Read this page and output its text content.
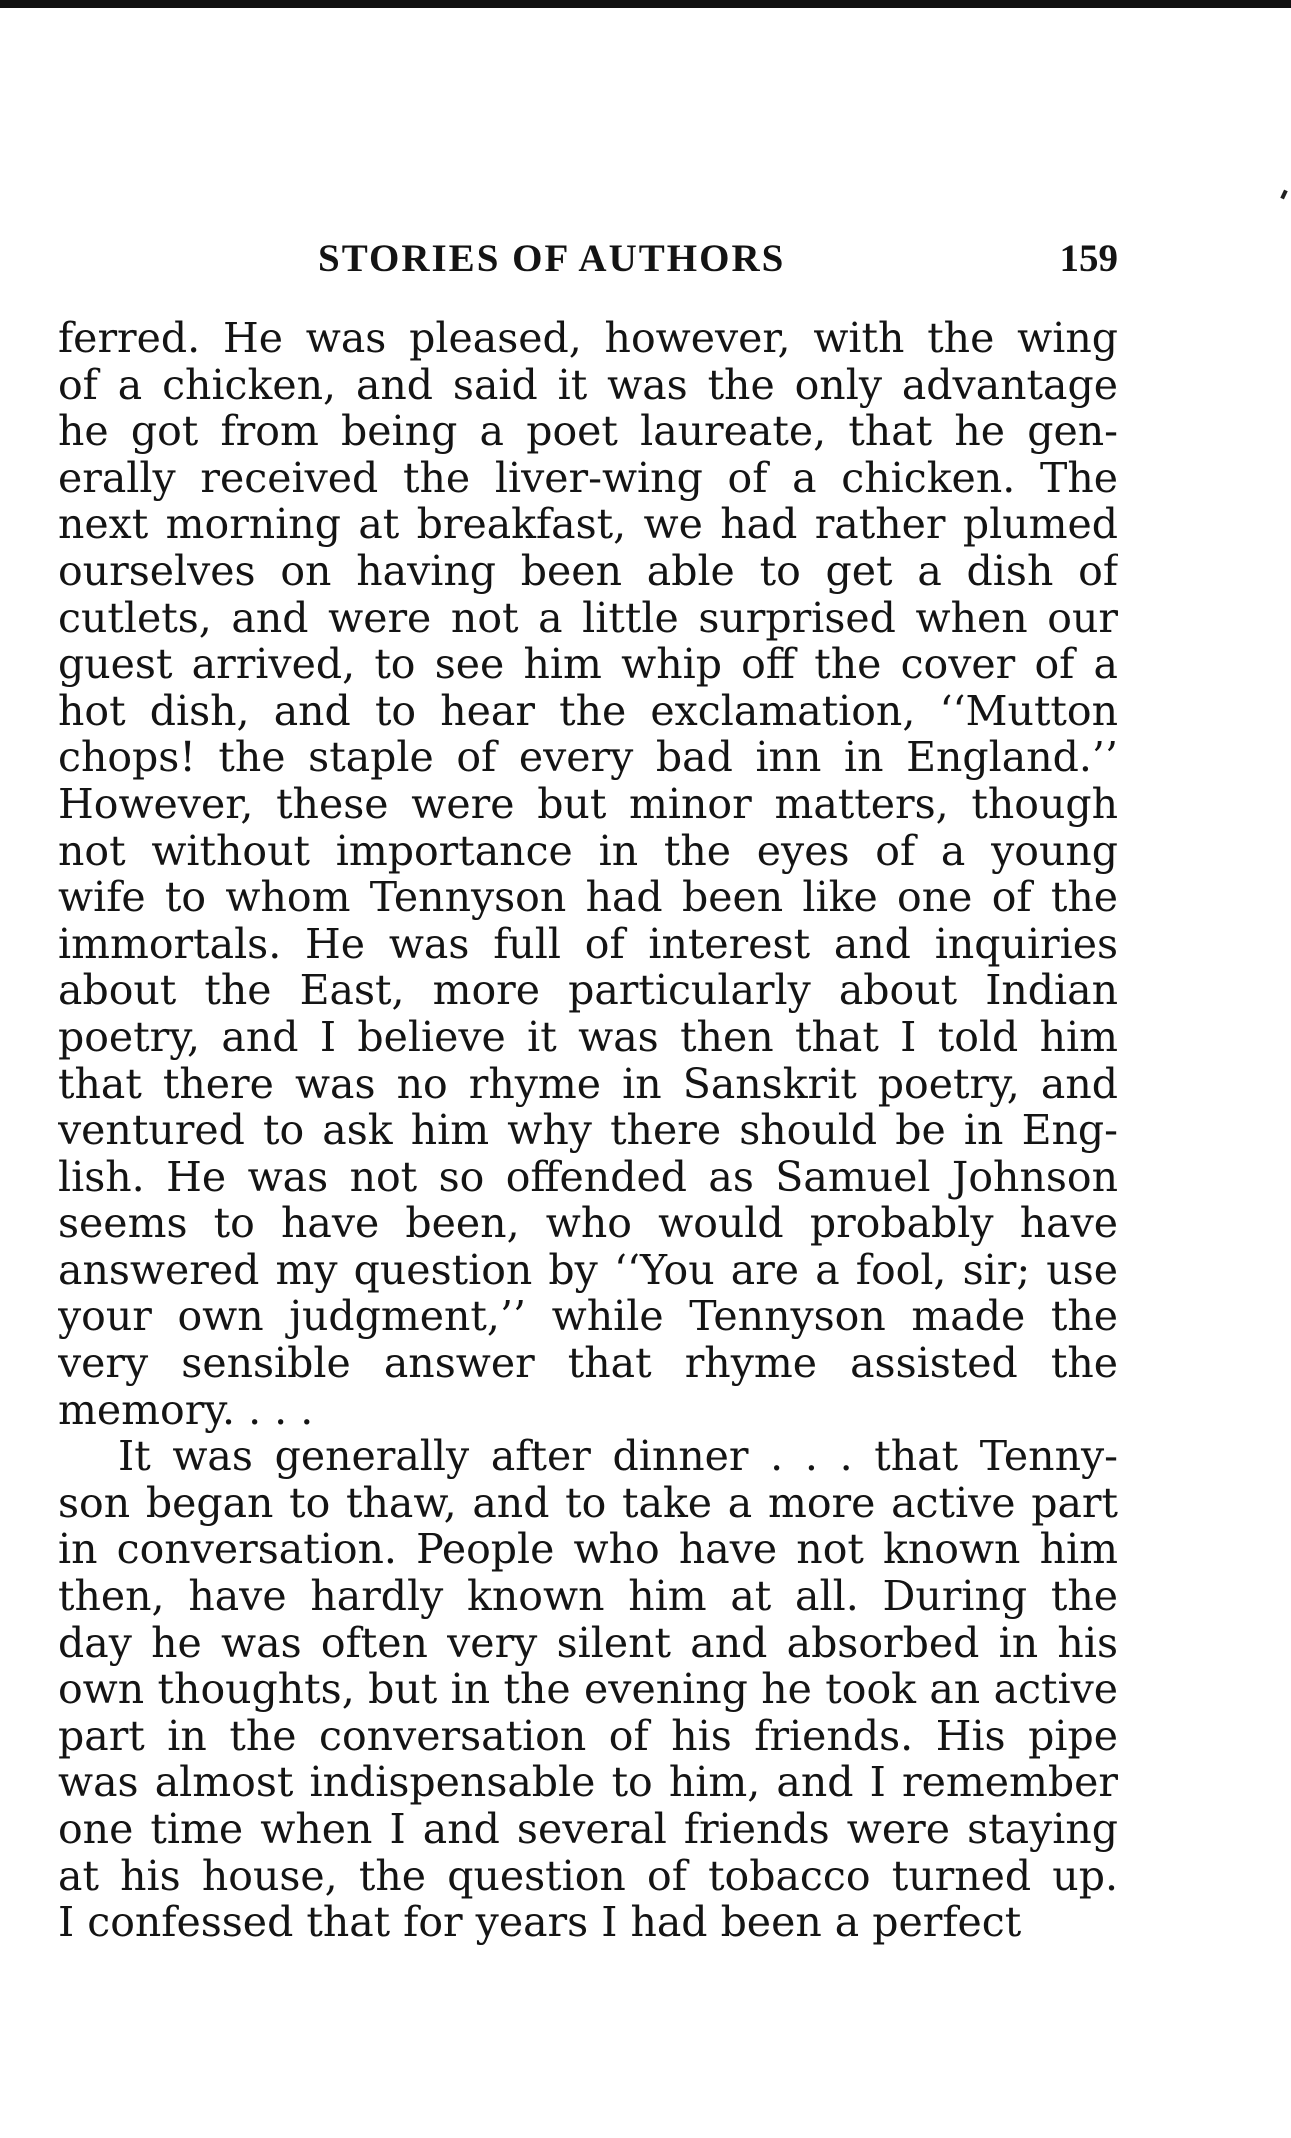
STORIES OF AUTHORS	159
ferred. He was pleased, however, with the wing
of a chicken, and said it was the only advantage
he got from being a poet laureate, that he gen-
erally received the liver-wing of a chicken. The
next morning at breakfast, we had rather plumed
ourselves on having been able to get a dish of
cutlets, and were not a little surprised when our
guest arrived, to see him whip off the cover of a
hot dish, and to hear the exclamation, ‘‘Mutton
chops! the staple of every bad inn in England.’’
However, these were but minor matters, though
not without importance in the eyes of a young
wife to whom Tennyson had been like one of the
immortals. He was full of interest and inquiries
about the East, more particularly about Indian
poetry, and I believe it was then that I told him
that there was no rhyme in Sanskrit poetry, and
ventured to ask him why there should be in Eng-
lish. He was not so offended as Samuel Johnson
seems to have been, who would probably have
answered my question by ‘‘You are a fool, sir; use
your own judgment,’’ while Tennyson made the
very sensible answer that rhyme assisted the
memory. . . .
It was generally after dinner . . . that Tenny-
son began to thaw, and to take a more active part
in conversation. People who have not known him
then, have hardly known him at all. During the
day he was often very silent and absorbed in his
own thoughts, but in the evening he took an active
part in the conversation of his friends. His pipe
was almost indispensable to him, and I remember
one time when I and several friends were staying
at his house, the question of tobacco turned up.
I confessed that for years I had been a perfect
